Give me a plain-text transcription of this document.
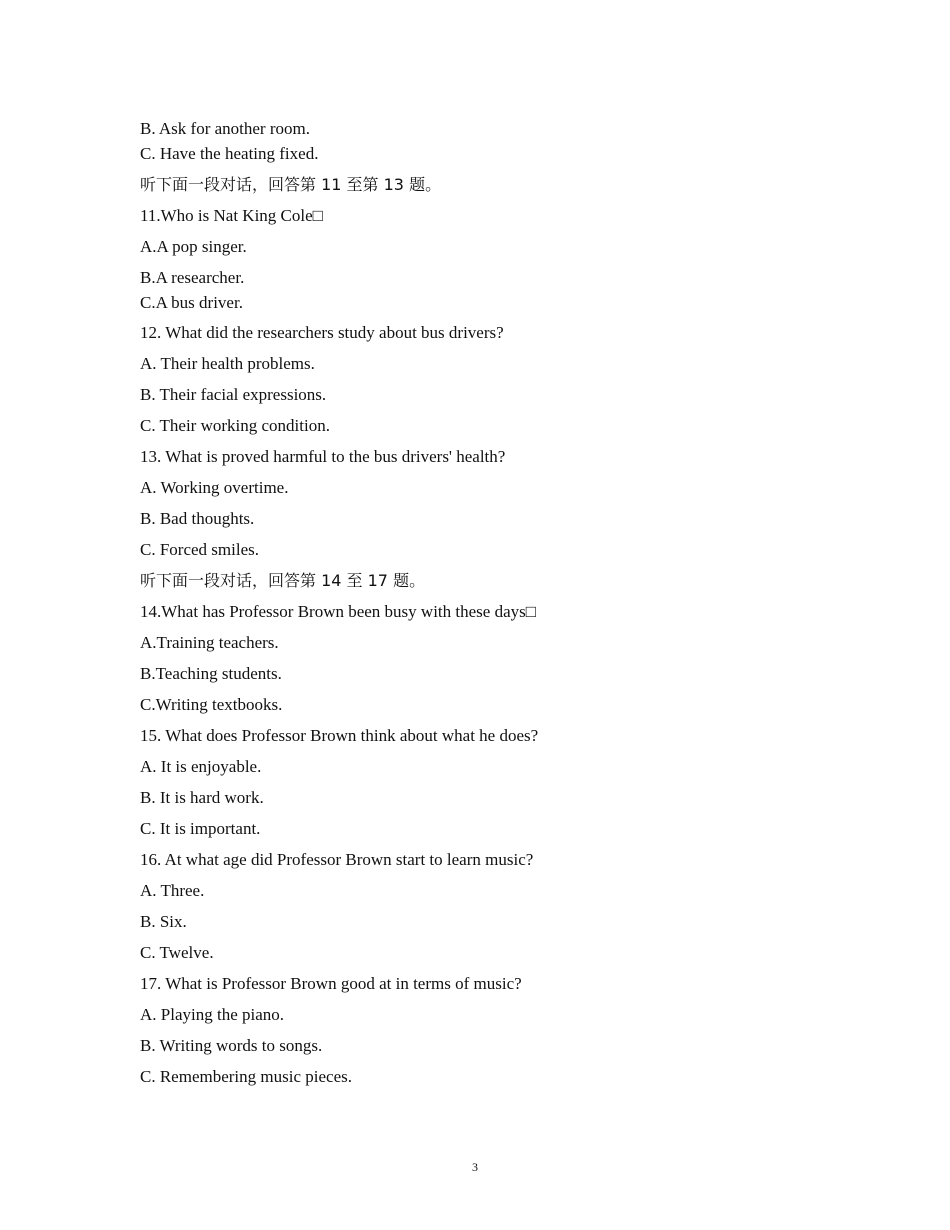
B. Ask for another room.
C. Have the heating fixed.
听下面一段对话，回答第 11 至第 13 题。
11.Who is Nat King Cole□
A.A pop singer.
B.A researcher.
C.A bus driver.
12. What did the researchers study about bus drivers?
A. Their health problems.
B. Their facial expressions.
C. Their working condition.
13. What is proved harmful to the bus drivers' health?
A. Working overtime.
B. Bad thoughts.
C. Forced smiles.
听下面一段对话，回答第 14 至 17 题。
14.What has Professor Brown been busy with these days□
A.Training teachers.
B.Teaching students.
C.Writing textbooks.
15. What does Professor Brown think about what he does?
A. It is enjoyable.
B. It is hard work.
C. It is important.
16. At what age did Professor Brown start to learn music?
A. Three.
B. Six.
C. Twelve.
17. What is Professor Brown good at in terms of music?
A. Playing the piano.
B. Writing words to songs.
C. Remembering music pieces.
3
